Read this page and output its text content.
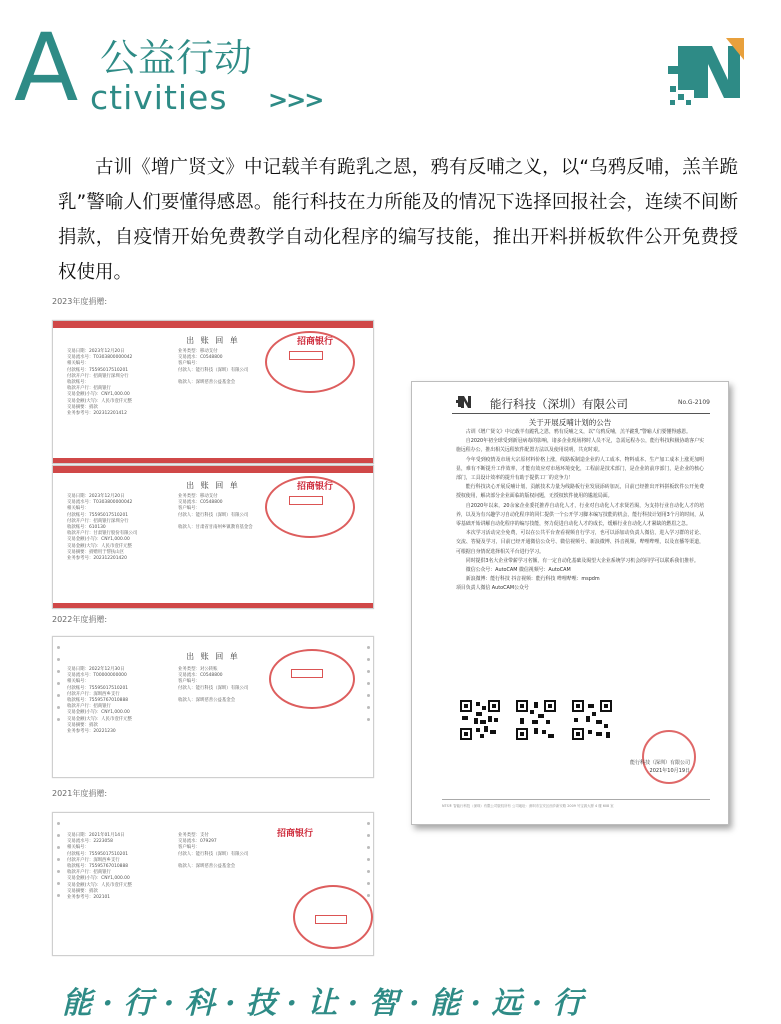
A 公益行动
ctivities >>>
古训《增广贤文》中记载羊有跪乳之恩，鸦有反哺之义，以“乌鸦反哺，羔羊跪乳”警喻人们要懂得感恩。能行科技在力所能及的情况下选择回报社会，连续不间断捐款，自疫情开始免费教学自动化程序的编写技能，推出开料拼板软件公开免费授权使用。
2023年度捐赠:
2022年度捐赠:
2021年度捐赠:
出 账 回 单	招商银行
交易日期：2023年12月20日
交易流水号：T0303800000042
相关编号：
付款账号：75595017510201
付款开户行：招商银行深圳分行
收款账号：
收款开户行：招商银行
交易金额(小写)：CNY1,000.00
交易金额(大写)：人民币壹仟元整
交易摘要：捐款
业务参考号：202312201412
业务类型：移动支付
交易流水：C0548800
客户编号：
付款人：能行科技（深圳）有限公司

收款人：深圳慈善公益基金会
出 账 回 单	招商银行
交易日期：2023年12月20日
交易流水号：T0303800000042
相关编号：
付款账号：75595017510201
付款开户行：招商银行深圳分行
收款账号：610130
收款开户行：甘肃银行股份有限公司
交易金额(小写)：CNY1,000.00
交易金额(大写)：人民币壹仟元整
交易摘要：捐赠用于帮扶山区
业务参考号：202312201420
业务类型：移动支付
交易流水：C0548800
客户编号：
付款人：能行科技（深圳）有限公司

收款人：甘肃省甘南州乡镇教育基金会
出 账 回 单
交易日期：2022年12月30日
交易流水号：T00000000000
相关编号：
付款账号：75595017510201
付款开户行：深圳西乡支行
收款账号：75595767010888
收款开户行：招商银行
交易金额(小写)：CNY1,000.00
交易金额(大写)：人民币壹仟元整
交易摘要：捐款
业务参考号：20221230
业务类型：对公转账
交易流水：C0548800
客户编号：
付款人：能行科技（深圳）有限公司

收款人：深圳慈善公益基金会
招商银行
交易日期：2021年01月14日
交易流水号：2223058
相关编号：
付款账号：75595017510201
付款开户行：深圳西乡支行
收款账号：75595767010888
收款开户行：招商银行
交易金额(小写)：CNY1,000.00
交易金额(大写)：人民币壹仟元整
交易摘要：捐款
业务参考号：202101
业务类型：支付
交易流水：079297
客户编号：
付款人：能行科技（深圳）有限公司

收款人：深圳慈善公益基金会
能行科技（深圳）有限公司	No.G-2109
关于开展反哺计划的公告

古训《增广贤文》中记载羊有跪乳之恩，鸦有反哺之义，以“乌鸦反哺，羔羊跪乳”警喻人们要懂得感恩。

自2020年初全球受到新冠病毒的影响，诸多企业现场将时人员不足，急需远程办公，能行科技积极协助客户实施远程办公，推出相关远程软件配置方法以及使用说明，共克时艰。

今年受到疫情及市场大宗原材料价格上涨，线路板制造企业的人工成本、物料成本、生产加工成本上涨更加明显，难有不断提升工作效率，才能有效应对市场环境变化，工程前是技术部门，是企业的前序部门，是企业的核心部门，工具设计效率的提升有助于提供工厂的竞争力！

能行科技决心开展反哺计划，贡献技术力量为线路板行业发展添砖加瓦，目前已经推出开料拼板软件公开免费授权使用，解决部分企业面临的版权问题，无授权软件使用的尴尬局面。

自2020年以来，20余家企业委托推荐自动化人才，行业对自动化人才求贤若渴，为支持行业自动化人才的培养，以及为有兴趣学习自动化程序的同仁提供一个公开学习脚本编写技能的机会，能行科技计划用3个月的时间，从零基础开始讲解自动化程序的编写技能，努力促进自动化人才的成长，缓解行业自动化人才紧缺的燃眉之急。

本次学习活动完全免费，可以在公共平台查看视频自行学习，也可以添加动负责人微信，进入学习群的讨论、交流、答疑及学习，目前已经开通微信公众号、微信视频号、新浪微博、抖音视频、哔哩哔哩，以及直播等渠道，可根据自身情况选择相关平台进行学习。

同时提供3名大企业带薪学习名额，有一定自动化基础及渴望大企业系统学习机会的同学可以联系我们推荐。

微信公众号：AutoCAM 微信视频号：AutoCAM

新浪微博：能行科技 抖音视频：能行科技 哔哩哔哩：mspdm

项目负责人微信 AutoCAM公众号

能行科技（深圳）有限公司
2021年10月19日
NTS® 智能行科技（深圳）有限公司版权所有 公司地址：深圳市宝安区西乡新安路 2009 号宝源大厦 4 楼 608 室
能 · 行 · 科 · 技 · 让 · 智 · 能 · 远 · 行
